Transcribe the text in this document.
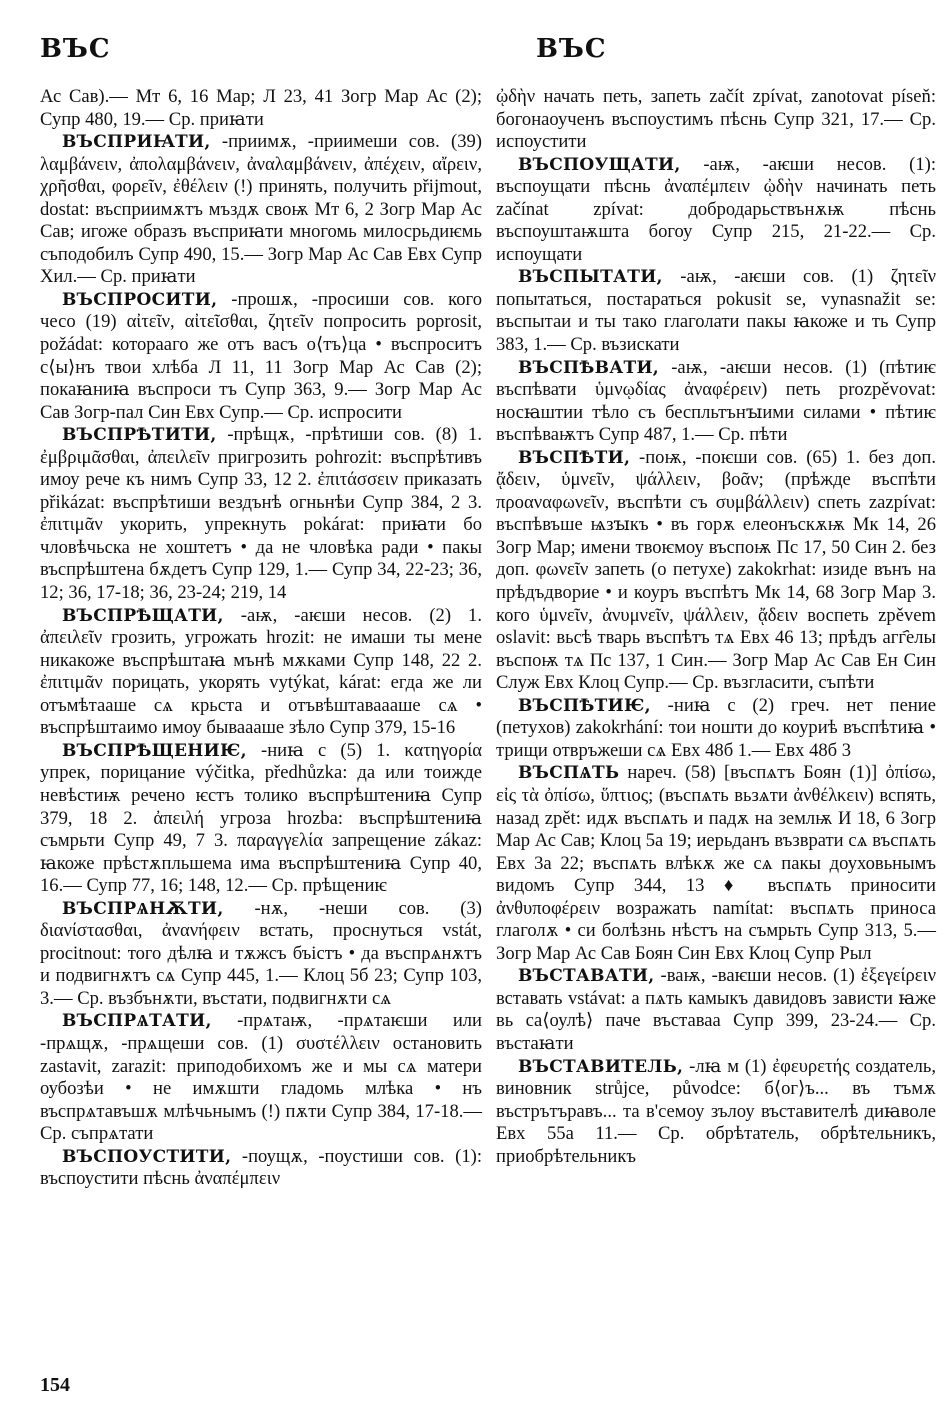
ВЪС	ВЪС

Ас Сав).— Мт 6, 16 Мар; Л 23, 41 Зогр Мар Ас (2); Супр 480, 19.— Ср. приꙗти

ВЪСПРИꙖТИ, -приимѫ, -приимеши сов. (39) λαμβάνειν, ἀπολαμβάνειν, ἀναλαμβάνειν, ἀπέχειν, αἴρειν, χρῆσθαι, φορεῖν, ἐθέλειν (!) принять, получить přijmout, dostat: въсприимѫтъ мъздѫ своѭ Мт 6, 2 Зогр Мар Ас Сав; игоже образъ въсприꙗти многомь милосрьдиѥмь съподобилъ Супр 490, 15.— Зогр Мар Ас Сав Евх Супр Хил.— Ср. приꙗти

ВЪСПРОСИТИ, -прошѫ, -просиши сов. кого чесо (19) αἰτεῖν, αἰτεῖσθαι, ζητεῖν попросить poprosit, požádat: которааго же отъ васъ о⟨тъ⟩ца • въспроситъ с⟨ы⟩нъ твои хлѣба Л 11, 11 Зогр Мар Ас Сав (2); покаꙗниꙗ въспроси тъ Супр 363, 9.— Зогр Мар Ас Сав Зогр-пал Син Евх Супр.— Ср. испросити

ВЪСПРѢТИТИ, -прѣщѫ, -прѣтиши сов. (8) 1. ἐμβριμᾶσθαι, ἀπειλεῖν пригрозить pohrozit: въспрѣтивъ имоу рече къ нимъ Супр 33, 12 2. ἐπιτάσσειν приказать přikázat: въспрѣтиши вездънѣ огньнѣи Супр 384, 2 3. ἐπιτιμᾶν укорить, упрекнуть pokárat: приꙗти бо чловѣчьска не хоштетъ • да не чловѣка ради • пакы въспрѣштена бѫдетъ Супр 129, 1.— Супр 34, 22-23; 36, 12; 36, 17-18; 36, 23-24; 219, 14

ВЪСПРѢЩАТИ, -аѭ, -аѥши несов. (2) 1. ἀπειλεῖν грозить, угрожать hrozit: не имаши ты мене никакоже въспрѣштаꙗ мънѣ мѫками Супр 148, 22 2. ἐπιτιμᾶν порицать, укорять vytýkat, kárat: егда же ли отъмѣтааше сѧ крьста и отъвѣштаваааше сѧ • въспрѣштаимо имоу бываааше зѣло Супр 379, 15-16

ВЪСПРѢЩЕНИѤ, -ниꙗ с (5) 1. κατηγορία упрек, порицание výčitka, předhůzka: да или тоижде невѣстиѭ речено ѥстъ толико въспрѣштениꙗ Супр 379, 18 2. ἀπειλή угроза hrozba: въспрѣштениꙗ съмрьти Супр 49, 7 3. παραγγελία запрещение zákaz: ꙗкоже прѣстѫпльшема има въспрѣштениꙗ Супр 40, 16.— Супр 77, 16; 148, 12.— Ср. прѣщениѥ

ВЪСПРѦНѪТИ, -нѫ, -неши сов. (3) διανίστασθαι, ἀνανήφειν встать, проснуться vstát, procitnout: того дѣлꙗ и тѫжсъ бъістъ • да въспрѧнѫтъ и подвигнѫтъ сѧ Супр 445, 1.— Клоц 5б 23; Супр 103, 3.— Ср. възбънѫти, въстати, подвигнѫти сѧ

ВЪСПРѦТАТИ, -прѧтаѭ, -прѧтаѥши или -прѧщѫ, -прѧщеши сов. (1) συστέλλειν остановить zastavit, zarazit: приподобихомъ же и мы сѧ матери оубозѣи • не имѫшти гладомь млѣка • нъ въспрѧтавъшѫ млѣчьнымъ (!) пѫти Супр 384, 17-18.— Ср. съпрѧтати

ВЪСПОУСТИТИ, -поущѫ, -поустиши сов. (1): въспоустити пѣснь ἀναπέμπειν

ᾠδὴν начать петь, запеть začít zpívat, zanotovat píseň: богонаоученъ въспоустимъ пѣснь Супр 321, 17.— Ср. испоустити

ВЪСПОУЩАТИ, -аѭ, -аѥши несов. (1): въспоущати пѣснь ἀναπέμπειν ᾠδὴν начинать петь začínat zpívat: добродарьствънѫѭ пѣснь въспоуштаѭшта богоу Супр 215, 21-22.— Ср. испоущати

ВЪСПЫТАТИ, -аѭ, -аѥши сов. (1) ζητεῖν попытаться, постараться pokusit se, vynasnažit se: въспытаи и ты тако глаголати пакы ꙗкоже и ть Супр 383, 1.— Ср. възискати

ВЪСПѢВАТИ, -аѭ, -аѥши несов. (1) (пѣтиѥ въспѣвати ὑμνῳδίας ἀναφέρειν) петь prozpěvovat: носꙗштии тѣло съ беспльтънꙑими силами • пѣтиѥ въспѣваѭтъ Супр 487, 1.— Ср. пѣти

ВЪСПѢТИ, -поѭ, -поѥши сов. (65) 1. без доп. ᾄδειν, ὑμνεῖν, ψάλλειν, βοᾶν; (прѣжде въспѣти προαναφωνεῖν, въспѣти съ συμβάλλειν) спеть zazpívat: въспѣвъше ѩзꙑкъ • въ горѫ елеонъскѫѭ Мк 14, 26 Зогр Мар; имени твоѥмоу въспоѭ Пс 17, 50 Син 2. без доп. φωνεῖν запеть (о петухе) zakokrhat: изиде вънъ на прѣдъдворие • и коуръ въспѣтъ Мк 14, 68 Зогр Мар 3. кого ὑμνεῖν, ἀνυμνεῖν, ψάλλειν, ᾄδειν воспеть zpěvem oslavit: вьсѣ тварь въспѣтъ тѧ Евх 46 13; прѣдъ агг҄елы въспоѭ тѧ Пс 137, 1 Син.— Зогр Мар Ас Сав Ен Син Служ Евх Клоц Супр.— Ср. възгласити, съпѣти

ВЪСПѢТИѤ, -ниꙗ с (2) греч. нет пение (петухов) zakokrhání: тои ношти до коуриѣ въспѣтиꙗ • трищи отвръжеши сѧ Евх 48б 1.— Евх 48б 3

ВЪСПѦТЬ нареч. (58) [въспѧтъ Боян (1)] ὀπίσω, εἰς τὰ ὀπίσω, ὕπτιος; (въспѧть вьзѧти ἀνθέλκειν) вспять, назад zpět: идѫ въспѧть и падѫ на землѭ И 18, 6 Зогр Мар Ас Сав; Клоц 5а 19; иерьданъ възврати сѧ въспѧть Евх 3а 22; въспѧть влѣкѫ же сѧ пакы доуховьнымъ видомъ Супр 344, 13 ♦ въспѧть приносити ἀνθυποφέρειν возражать namítat: въспѧть приноса глаголѫ • си болѣзнь нѣстъ на съмрьть Супр 313, 5.— Зогр Мар Ас Сав Боян Син Евх Клоц Супр Рыл

ВЪСТАВАТИ, -ваѭ, -ваѥши несов. (1) ἐξεγείρειν вставать vstávat: а пѧть камыкъ давидовъ зависти ꙗже вь са⟨оулѣ⟩ паче въставаа Супр 399, 23-24.— Ср. въстаꙗти

ВЪСТАВИТЕЛЬ, -лꙗ м (1) ἐφευρετής создатель, виновник strůjce, původce: б⟨ог⟩ъ... въ тъмѫ въстрътъравъ... та в'семоу зълоу въставителѣ диꙗволе Евх 55а 11.— Ср. обрѣтатель, обрѣтельникъ, приобрѣтельникъ

154
